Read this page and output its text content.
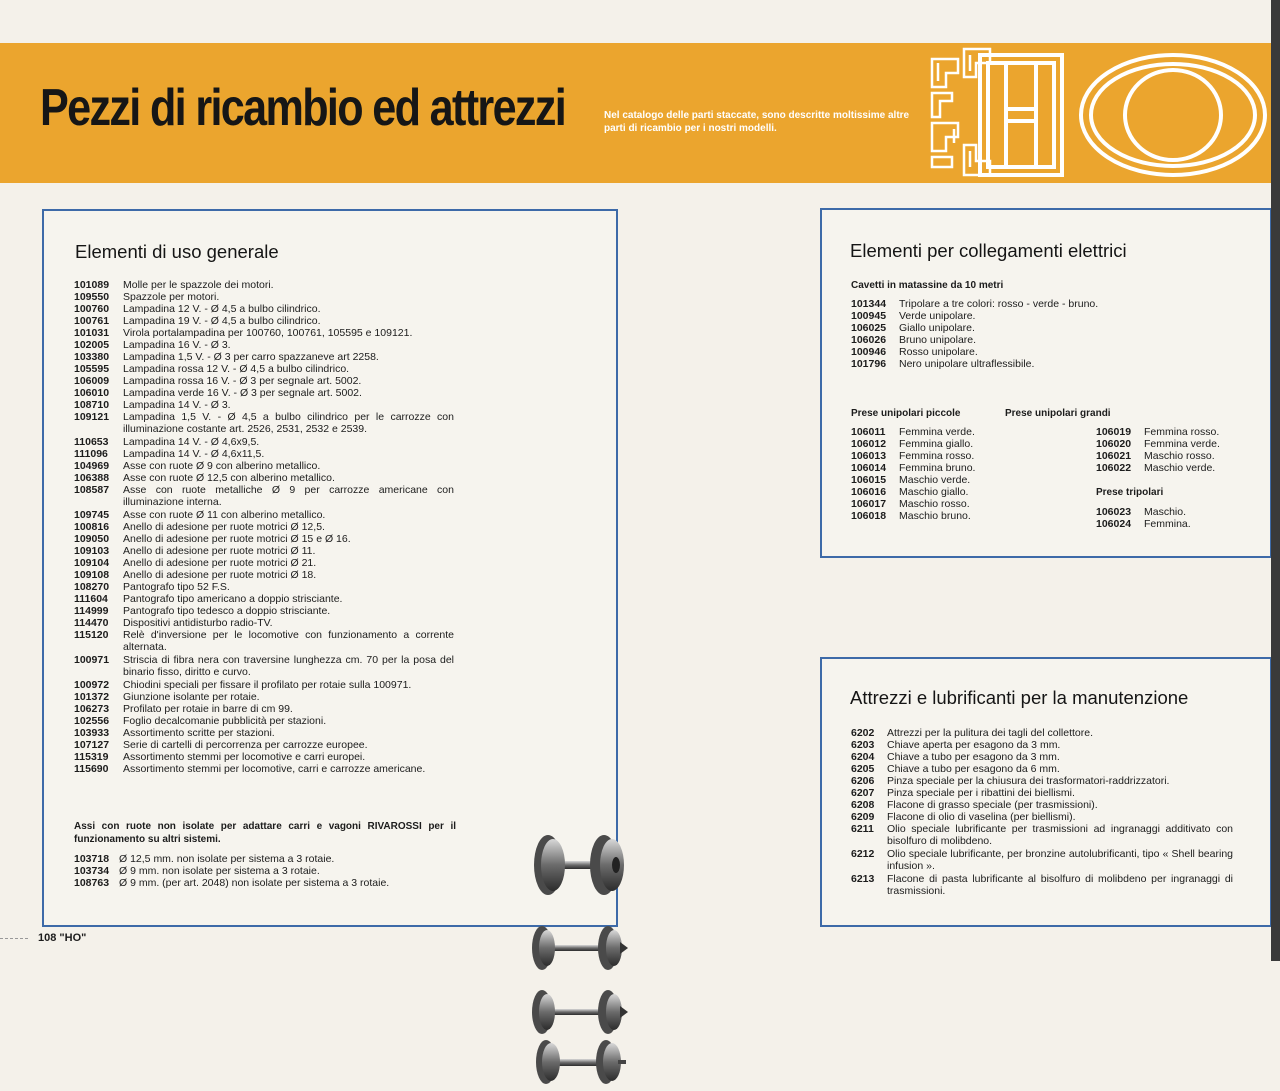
Pezzi di ricambio ed attrezzi	Nel catalogo delle parti staccate, sono descritte moltissime altre parti di ricambio per i nostri modelli.
Elementi di uso generale
101089 Molle per le spazzole dei motori.
109550 Spazzole per motori.
100760 Lampadina 12 V. - Ø 4,5 a bulbo cilindrico.
100761 Lampadina 19 V. - Ø 4,5 a bulbo cilindrico.
101031 Virola portalampadina per 100760, 100761, 105595 e 109121.
102005 Lampadina 16 V. - Ø 3.
103380 Lampadina 1,5 V. - Ø 3 per carro spazzaneve art 2258.
105595 Lampadina rossa 12 V. - Ø 4,5 a bulbo cilindrico.
106009 Lampadina rossa 16 V. - Ø 3 per segnale art. 5002.
106010 Lampadina verde 16 V. - Ø 3 per segnale art. 5002.
108710 Lampadina 14 V. - Ø 3.
109121 Lampadina 1,5 V. - Ø 4,5 a bulbo cilindrico per le carrozze con illuminazione costante art. 2526, 2531, 2532 e 2539.
110653 Lampadina 14 V. - Ø 4,6x9,5.
111096 Lampadina 14 V. - Ø 4,6x11,5.
104969 Asse con ruote Ø 9 con alberino metallico.
106388 Asse con ruote Ø 12,5 con alberino metallico.
108587 Asse con ruote metalliche Ø 9 per carrozze americane con illuminazione interna.
109745 Asse con ruote Ø 11 con alberino metallico.
100816 Anello di adesione per ruote motrici Ø 12,5.
109050 Anello di adesione per ruote motrici Ø 15 e Ø 16.
109103 Anello di adesione per ruote motrici Ø 11.
109104 Anello di adesione per ruote motrici Ø 21.
109108 Anello di adesione per ruote motrici Ø 18.
108270 Pantografo tipo 52 F.S.
111604 Pantografo tipo americano a doppio strisciante.
114999 Pantografo tipo tedesco a doppio strisciante.
114470 Dispositivi antidisturbo radio-TV.
115120 Relè d'inversione per le locomotive con funzionamento a corrente alternata.
100971 Striscia di fibra nera con traversine lunghezza cm. 70 per la posa del binario fisso, diritto e curvo.
100972 Chiodini speciali per fissare il profilato per rotaie sulla 100971.
101372 Giunzione isolante per rotaie.
106273 Profilato per rotaie in barre di cm 99.
102556 Foglio decalcomanie pubblicità per stazioni.
103933 Assortimento scritte per stazioni.
107127 Serie di cartelli di percorrenza per carrozze europee.
115319 Assortimento stemmi per locomotive e carri europei.
115690 Assortimento stemmi per locomotive, carri e carrozze americane.
Assi con ruote non isolate per adattare carri e vagoni RIVAROSSI per il funzionamento su altri sistemi.
103718 Ø 12,5 mm. non isolate per sistema a 3 rotaie.
103734 Ø 9 mm. non isolate per sistema a 3 rotaie.
108763 Ø 9 mm. (per art. 2048) non isolate per sistema a 3 rotaie.
Elementi per collegamenti elettrici
Cavetti in matassine da 10 metri
101344 Tripolare a tre colori: rosso - verde - bruno.
100945 Verde unipolare.
106025 Giallo unipolare.
106026 Bruno unipolare.
100946 Rosso unipolare.
101796 Nero unipolare ultraflessibile.
Prese unipolari piccole
106011 Femmina verde.
106012 Femmina giallo.
106013 Femmina rosso.
106014 Femmina bruno.
106015 Maschio verde.
106016 Maschio giallo.
106017 Maschio rosso.
106018 Maschio bruno.
Prese unipolari grandi
106019 Femmina rosso.
106020 Femmina verde.
106021 Maschio rosso.
106022 Maschio verde.
Prese tripolari
106023 Maschio.
106024 Femmina.
Attrezzi e lubrificanti per la manutenzione
6202 Attrezzi per la pulitura dei tagli del collettore.
6203 Chiave aperta per esagono da 3 mm.
6204 Chiave a tubo per esagono da 3 mm.
6205 Chiave a tubo per esagono da 6 mm.
6206 Pinza speciale per la chiusura dei trasformatori-raddrizzatori.
6207 Pinza speciale per i ribattini dei biellismi.
6208 Flacone di grasso speciale (per trasmissioni).
6209 Flacone di olio di vaselina (per biellismi).
6211 Olio speciale lubrificante per trasmissioni ad ingranaggi additivato con bisolfuro di molibdeno.
6212 Olio speciale lubrificante, per bronzine autolubrificanti, tipo « Shell bearing infusion ».
6213 Flacone di pasta lubrificante al bisolfuro di molibdeno per ingranaggi di trasmissioni.
108 "HO"
